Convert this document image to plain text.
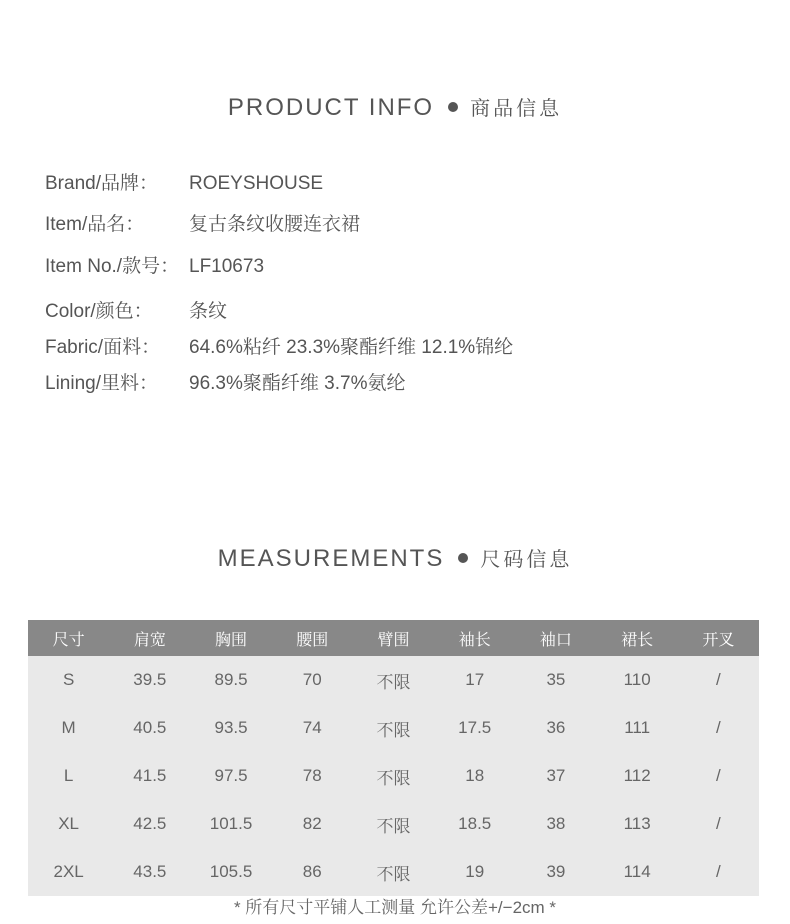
PRODUCT INFO 商品信息
Brand/品牌： ROEYSHOUSE
Item/品名： 复古条纹收腰连衣裙
Item No./款号： LF10673
Color/颜色： 条纹
Fabric/面料： 64.6%粘纤 23.3%聚酯纤维 12.1%锦纶
Lining/里料： 96.3%聚酯纤维 3.7%氨纶
MEASUREMENTS 尺码信息
尺寸	肩宽	胸围	腰围	臂围	袖长	袖口	裙长	开叉
S	39.5	89.5	70	不限	17	35	110	/
M	40.5	93.5	74	不限	17.5	36	111	/
L	41.5	97.5	78	不限	18	37	112	/
XL	42.5	101.5	82	不限	18.5	38	113	/
2XL	43.5	105.5	86	不限	19	39	114	/
* 所有尺寸平铺人工测量 允许公差+/−2cm *
